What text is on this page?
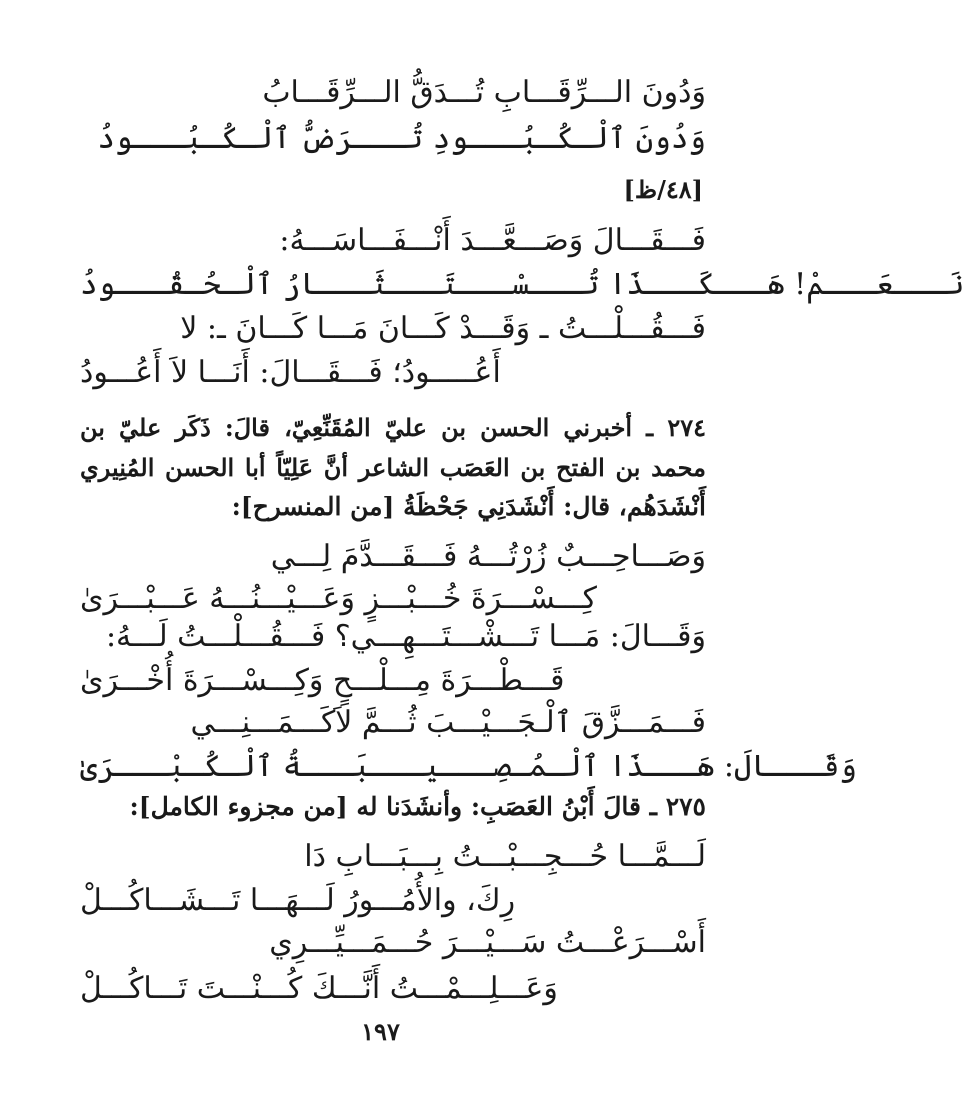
وَدُونَ الـــرِّقَـــابِ تُـــدَقُّ الـــرِّقَـــابُ
وَدُونَ ٱلْـكُـبُـــودِ تُـــرَضُّ ٱلْـكُـبُـــودُ
[٤٨/ظ]
فَـــقَـــالَ وَصَـــعَّـــدَ أَنْـــفَـــاسَـــهُ:
نَـــعَـــمْ! هَـــكَـــذَا تُـــسْـــتَـــثَـــارُ ٱلْـحُـقُـــودُ
فَـــقُـــلْـــتُ ـ وَقَـــدْ كَـــانَ مَـــا كَـــانَ ـ: لا
أَعُـــــودُ؛ فَـــقَـــالَ: أَنَـــا لاَ أَعُـــودُ
٢٧٤ ـ أخبرني الحسن بن عليّ المُقَنِّعِيّ، قالَ: ذَكَر عليّ بن
محمد بن الفتح بن العَصَب الشاعر أنَّ عَلِيّاً أبا الحسن المُنِيري
أَنْشَدَهُم، قال: أَنْشَدَنِي جَحْظَةُ [من المنسرح]:
وَصَـــاحِـــبٌ زُرْتُـــهُ فَـــقَـــدَّمَ لِـــي
كِـــسْـــرَةَ خُـــبْـــزٍ وَعَـــيْـــنُـــهُ عَـــبْـــرَىٰ
وَقَـــالَ: مَـــا تَـــشْـــتَـــهِـــي؟ فَـــقُـــلْـــتُ لَـــهُ:
قَـــطْـــرَةَ مِـــلْـــحٍ وَكِـــسْـــرَةَ أُخْـــرَىٰ
فَـــمَـــزَّقَ ٱلْـجَـــيْـــبَ ثُـــمَّ لاَكَـــمَـــنِـــي
وَقَـــالَ: هَـــذَا ٱلْـمُـصِـــيـــبَـــةُ ٱلْـكُـبْـــرَىٰ
٢٧٥ ـ قالَ أَبْنُ العَصَبِ: وأنشَدَنا له [من مجزوء الكامل]:
لَـــمَّـــا حُـــجِـــبْـــتُ بِـــبَـــابِ دَا
رِكَ، والأُمُـــورُ لَـــهَـــا تَـــشَـــاكُـــلْ
أَسْـــرَعْـــتُ سَـــيْـــرَ حُـــمَـــيِّـــرِي
وَعَـــلِـــمْـــتُ أَنَّـــكَ كُـــنْـــتَ تَـــاكُـــلْ
١٩٧
